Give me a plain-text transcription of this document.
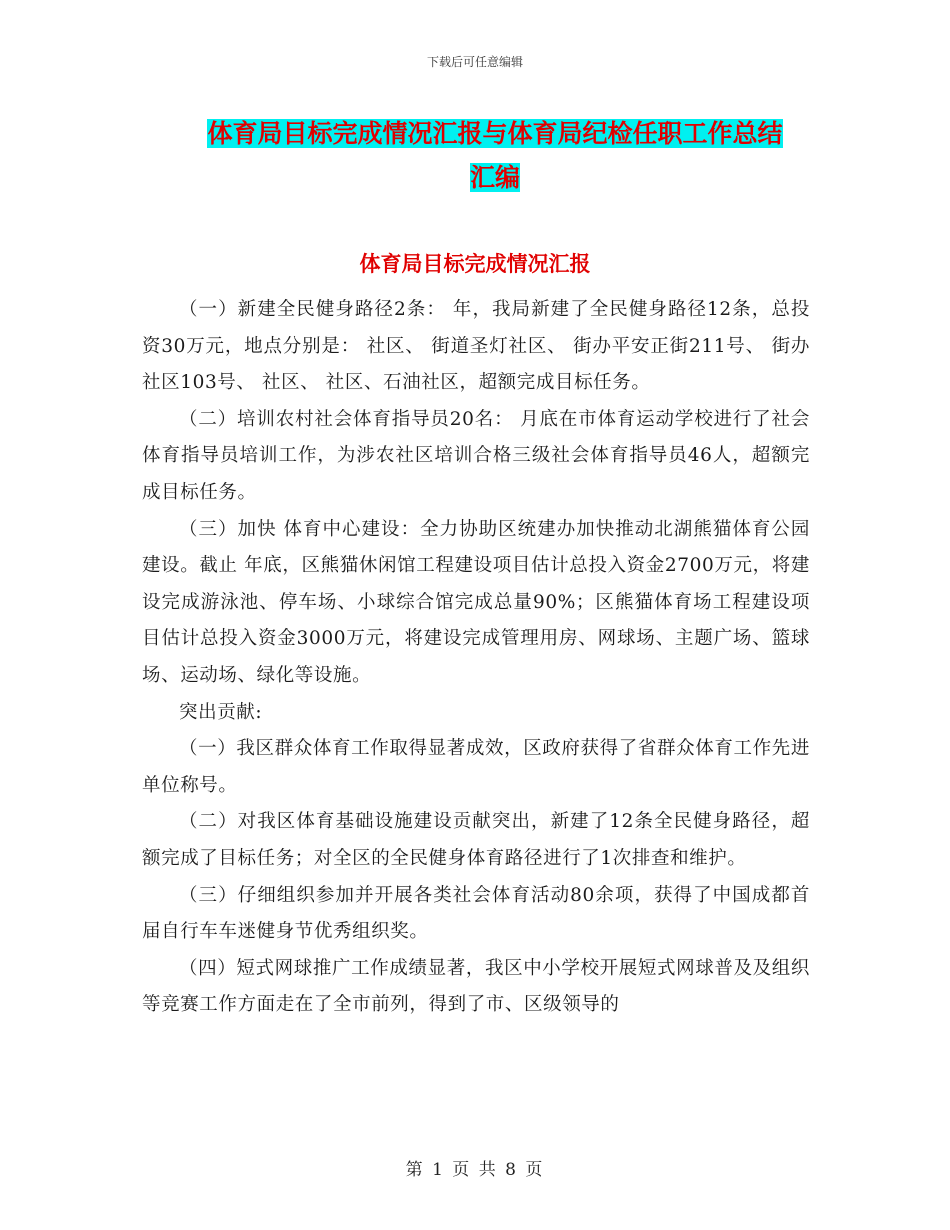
下载后可任意编辑
体育局目标完成情况汇报与体育局纪检任职工作总结
汇编
体育局目标完成情况汇报

（一）新建全民健身路径2条： 年，我局新建了全民健身路径12条，总投资30万元，地点分别是： 社区、 街道圣灯社区、 街办平安正街211号、 街办 社区103号、 社区、 社区、石油社区，超额完成目标任务。

（二）培训农村社会体育指导员20名： 月底在市体育运动学校进行了社会体育指导员培训工作，为涉农社区培训合格三级社会体育指导员46人，超额完成目标任务。

（三）加快 体育中心建设：全力协助区统建办加快推动北湖熊猫体育公园建设。截止 年底，区熊猫休闲馆工程建设项目估计总投入资金2700万元，将建设完成游泳池、停车场、小球综合馆完成总量90%；区熊猫体育场工程建设项目估计总投入资金3000万元，将建设完成管理用房、网球场、主题广场、篮球场、运动场、绿化等设施。

突出贡献:

（一）我区群众体育工作取得显著成效，区政府获得了省群众体育工作先进单位称号。

（二）对我区体育基础设施建设贡献突出，新建了12条全民健身路径，超额完成了目标任务；对全区的全民健身体育路径进行了1次排查和维护。

（三）仔细组织参加并开展各类社会体育活动80余项，获得了中国成都首届自行车车迷健身节优秀组织奖。

（四）短式网球推广工作成绩显著，我区中小学校开展短式网球普及及组织等竞赛工作方面走在了全市前列，得到了市、区级领导的

第 1 页 共 8 页
